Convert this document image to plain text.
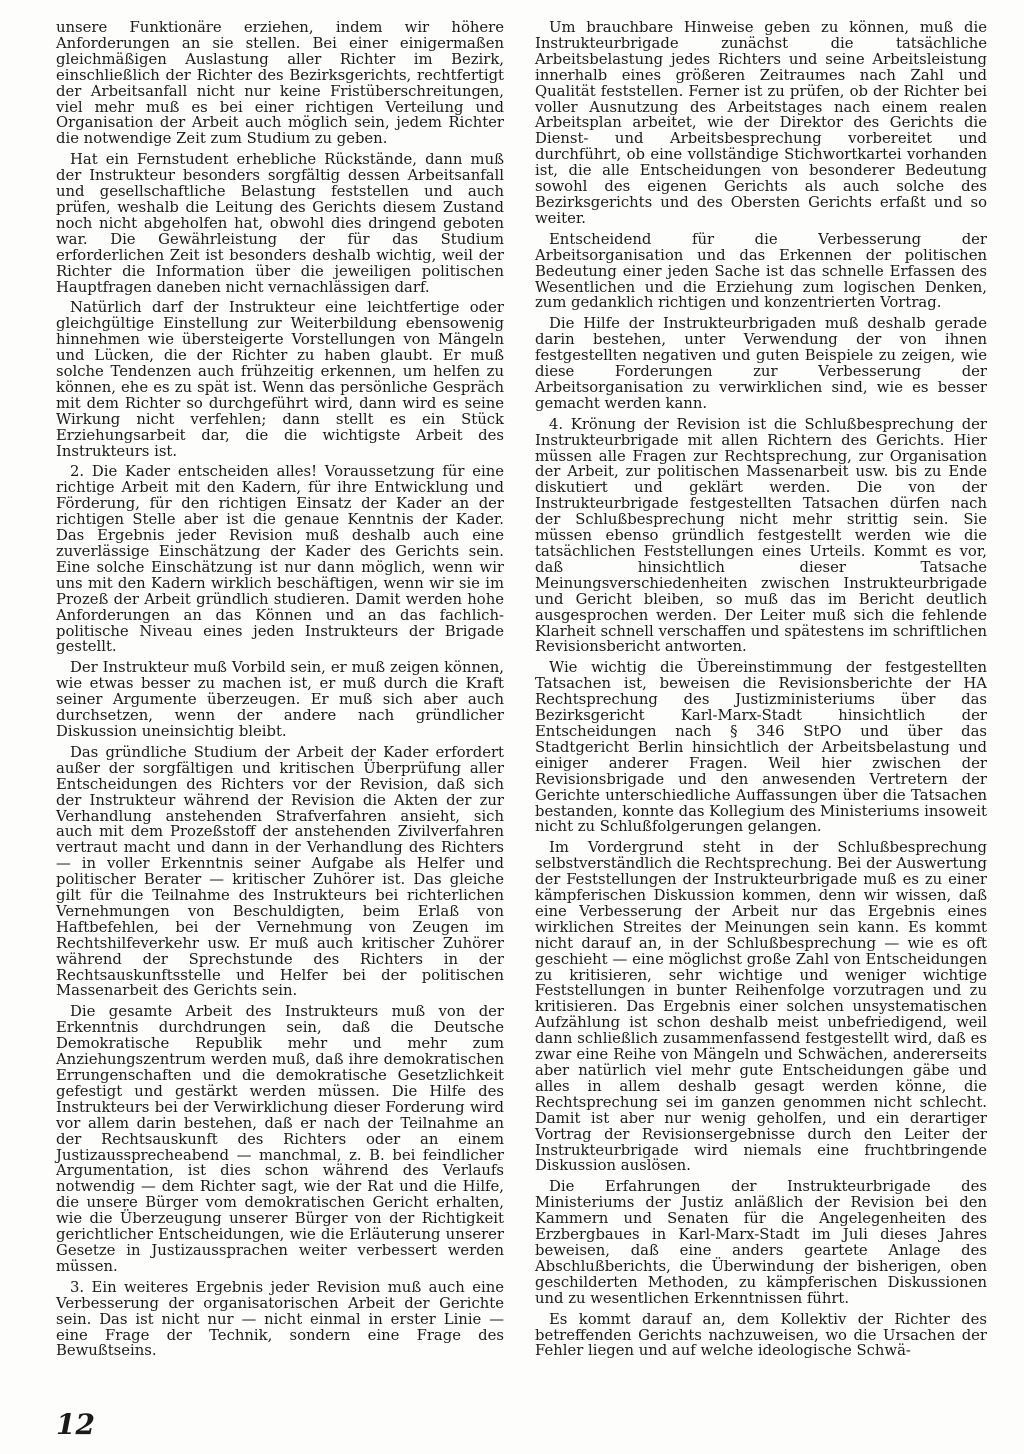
unsere Funktionäre erziehen, indem wir höhere Anforderungen an sie stellen. Bei einer einigermaßen gleichmäßigen Auslastung aller Richter im Bezirk, einschließlich der Richter des Bezirksgerichts, rechtfertigt der Arbeitsanfall nicht nur keine Fristüberschreitungen, viel mehr muß es bei einer richtigen Verteilung und Organisation der Arbeit auch möglich sein, jedem Richter die notwendige Zeit zum Studium zu geben.

Hat ein Fernstudent erhebliche Rückstände, dann muß der Instrukteur besonders sorgfältig dessen Arbeitsanfall und gesellschaftliche Belastung feststellen und auch prüfen, weshalb die Leitung des Gerichts diesem Zustand noch nicht abgeholfen hat, obwohl dies dringend geboten war. Die Gewährleistung der für das Studium erforderlichen Zeit ist besonders deshalb wichtig, weil der Richter die Information über die jeweiligen politischen Hauptfragen daneben nicht vernachlässigen darf.

Natürlich darf der Instrukteur eine leichtfertige oder gleichgültige Einstellung zur Weiterbildung ebensowenig hinnehmen wie übersteigerte Vorstellungen von Mängeln und Lücken, die der Richter zu haben glaubt. Er muß solche Tendenzen auch frühzeitig erkennen, um helfen zu können, ehe es zu spät ist. Wenn das persönliche Gespräch mit dem Richter so durchgeführt wird, dann wird es seine Wirkung nicht verfehlen; dann stellt es ein Stück Erziehungsarbeit dar, die die wichtigste Arbeit des Instrukteurs ist.

2. Die Kader entscheiden alles! Voraussetzung für eine richtige Arbeit mit den Kadern, für ihre Entwicklung und Förderung, für den richtigen Einsatz der Kader an der richtigen Stelle aber ist die genaue Kenntnis der Kader. Das Ergebnis jeder Revision muß deshalb auch eine zuverlässige Einschätzung der Kader des Gerichts sein. Eine solche Einschätzung ist nur dann möglich, wenn wir uns mit den Kadern wirklich beschäftigen, wenn wir sie im Prozeß der Arbeit gründlich studieren. Damit werden hohe Anforderungen an das Können und an das fachlich-politische Niveau eines jeden Instrukteurs der Brigade gestellt.

Der Instrukteur muß Vorbild sein, er muß zeigen können, wie etwas besser zu machen ist, er muß durch die Kraft seiner Argumente überzeugen. Er muß sich aber auch durchsetzen, wenn der andere nach gründlicher Diskussion uneinsichtig bleibt.

Das gründliche Studium der Arbeit der Kader erfordert außer der sorgfältigen und kritischen Überprüfung aller Entscheidungen des Richters vor der Revision, daß sich der Instrukteur während der Revision die Akten der zur Verhandlung anstehenden Strafverfahren ansieht, sich auch mit dem Prozeßstoff der anstehenden Zivilverfahren vertraut macht und dann in der Verhandlung des Richters — in voller Erkenntnis seiner Aufgabe als Helfer und politischer Berater — kritischer Zuhörer ist. Das gleiche gilt für die Teilnahme des Instrukteurs bei richterlichen Vernehmungen von Beschuldigten, beim Erlaß von Haftbefehlen, bei der Vernehmung von Zeugen im Rechtshilfeverkehr usw. Er muß auch kritischer Zuhörer während der Sprechstunde des Richters in der Rechtsauskunftsstelle und Helfer bei der politischen Massenarbeit des Gerichts sein.

Die gesamte Arbeit des Instrukteurs muß von der Erkenntnis durchdrungen sein, daß die Deutsche Demokratische Republik mehr und mehr zum Anziehungszentrum werden muß, daß ihre demokratischen Errungenschaften und die demokratische Gesetzlichkeit gefestigt und gestärkt werden müssen. Die Hilfe des Instrukteurs bei der Verwirklichung dieser Forderung wird vor allem darin bestehen, daß er nach der Teilnahme an der Rechtsauskunft des Richters oder an einem Justizaussprecheabend — manchmal, z. B. bei feindlicher Argumentation, ist dies schon während des Verlaufs notwendig — dem Richter sagt, wie der Rat und die Hilfe, die unsere Bürger vom demokratischen Gericht erhalten, wie die Überzeugung unserer Bürger von der Richtigkeit gerichtlicher Entscheidungen, wie die Erläuterung unserer Gesetze in Justizaussprachen weiter verbessert werden müssen.

3. Ein weiteres Ergebnis jeder Revision muß auch eine Verbesserung der organisatorischen Arbeit der Gerichte sein. Das ist nicht nur — nicht einmal in erster Linie — eine Frage der Technik, sondern eine Frage des Bewußtseins.

Um brauchbare Hinweise geben zu können, muß die Instrukteurbrigade zunächst die tatsächliche Arbeitsbelastung jedes Richters und seine Arbeitsleistung innerhalb eines größeren Zeitraumes nach Zahl und Qualität feststellen. Ferner ist zu prüfen, ob der Richter bei voller Ausnutzung des Arbeitstages nach einem realen Arbeitsplan arbeitet, wie der Direktor des Gerichts die Dienst- und Arbeitsbesprechung vorbereitet und durchführt, ob eine vollständige Stichwortkartei vorhanden ist, die alle Entscheidungen von besonderer Bedeutung sowohl des eigenen Gerichts als auch solche des Bezirksgerichts und des Obersten Gerichts erfaßt und so weiter.

Entscheidend für die Verbesserung der Arbeitsorganisation und das Erkennen der politischen Bedeutung einer jeden Sache ist das schnelle Erfassen des Wesentlichen und die Erziehung zum logischen Denken, zum gedanklich richtigen und konzentrierten Vortrag.

Die Hilfe der Instrukteurbrigaden muß deshalb gerade darin bestehen, unter Verwendung der von ihnen festgestellten negativen und guten Beispiele zu zeigen, wie diese Forderungen zur Verbesserung der Arbeitsorganisation zu verwirklichen sind, wie es besser gemacht werden kann.

4. Krönung der Revision ist die Schlußbesprechung der Instrukteurbrigade mit allen Richtern des Gerichts. Hier müssen alle Fragen zur Rechtsprechung, zur Organisation der Arbeit, zur politischen Massenarbeit usw. bis zu Ende diskutiert und geklärt werden. Die von der Instrukteurbrigade festgestellten Tatsachen dürfen nach der Schlußbesprechung nicht mehr strittig sein. Sie müssen ebenso gründlich festgestellt werden wie die tatsächlichen Feststellungen eines Urteils. Kommt es vor, daß hinsichtlich dieser Tatsache Meinungsverschiedenheiten zwischen Instrukteurbrigade und Gericht bleiben, so muß das im Bericht deutlich ausgesprochen werden. Der Leiter muß sich die fehlende Klarheit schnell verschaffen und spätestens im schriftlichen Revisionsbericht antworten.

Wie wichtig die Übereinstimmung der festgestellten Tatsachen ist, beweisen die Revisionsberichte der HA Rechtsprechung des Justizministeriums über das Bezirksgericht Karl-Marx-Stadt hinsichtlich der Entscheidungen nach § 346 StPO und über das Stadtgericht Berlin hinsichtlich der Arbeitsbelastung und einiger anderer Fragen. Weil hier zwischen der Revisionsbrigade und den anwesenden Vertretern der Gerichte unterschiedliche Auffassungen über die Tatsachen bestanden, konnte das Kollegium des Ministeriums insoweit nicht zu Schlußfolgerungen gelangen.

Im Vordergrund steht in der Schlußbesprechung selbstverständlich die Rechtsprechung. Bei der Auswertung der Feststellungen der Instrukteurbrigade muß es zu einer kämpferischen Diskussion kommen, denn wir wissen, daß eine Verbesserung der Arbeit nur das Ergebnis eines wirklichen Streites der Meinungen sein kann. Es kommt nicht darauf an, in der Schlußbesprechung — wie es oft geschieht — eine möglichst große Zahl von Entscheidungen zu kritisieren, sehr wichtige und weniger wichtige Feststellungen in bunter Reihenfolge vorzutragen und zu kritisieren. Das Ergebnis einer solchen unsystematischen Aufzählung ist schon deshalb meist unbefriedigend, weil dann schließlich zusammenfassend festgestellt wird, daß es zwar eine Reihe von Mängeln und Schwächen, andererseits aber natürlich viel mehr gute Entscheidungen gäbe und alles in allem deshalb gesagt werden könne, die Rechtsprechung sei im ganzen genommen nicht schlecht. Damit ist aber nur wenig geholfen, und ein derartiger Vortrag der Revisionsergebnisse durch den Leiter der Instrukteurbrigade wird niemals eine fruchtbringende Diskussion auslösen.

Die Erfahrungen der Instrukteurbrigade des Ministeriums der Justiz anläßlich der Revision bei den Kammern und Senaten für die Angelegenheiten des Erzbergbaues in Karl-Marx-Stadt im Juli dieses Jahres beweisen, daß eine anders geartete Anlage des Abschlußberichts, die Überwindung der bisherigen, oben geschilderten Methoden, zu kämpferischen Diskussionen und zu wesentlichen Erkenntnissen führt.

Es kommt darauf an, dem Kollektiv der Richter des betreffenden Gerichts nachzuweisen, wo die Ursachen der Fehler liegen und auf welche ideologische Schwä-

12
